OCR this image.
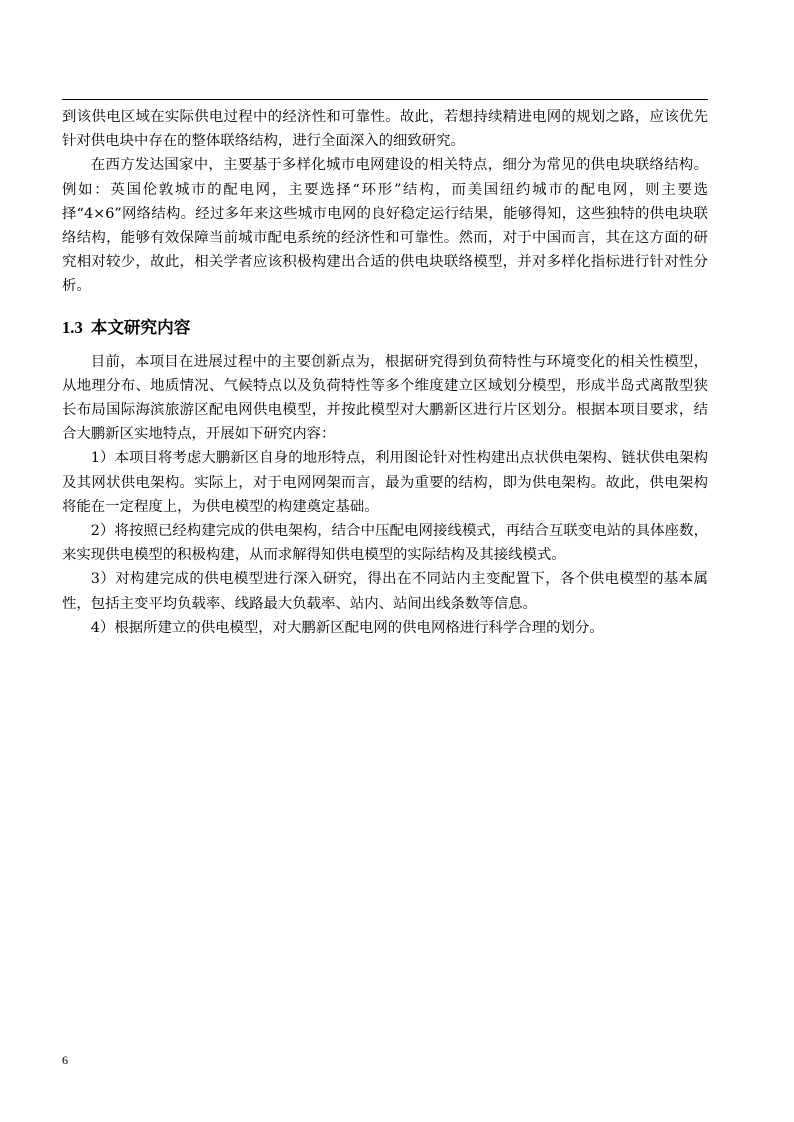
到该供电区域在实际供电过程中的经济性和可靠性。故此，若想持续精进电网的规划之路，应该优先针对供电块中存在的整体联络结构，进行全面深入的细致研究。

在西方发达国家中，主要基于多样化城市电网建设的相关特点，细分为常见的供电块联络结构。例如：英国伦敦城市的配电网，主要选择“环形”结构，而美国纽约城市的配电网，则主要选择“4×6”网络结构。经过多年来这些城市电网的良好稳定运行结果，能够得知，这些独特的供电块联络结构，能够有效保障当前城市配电系统的经济性和可靠性。然而，对于中国而言，其在这方面的研究相对较少，故此，相关学者应该积极构建出合适的供电块联络模型，并对多样化指标进行针对性分析。

1.3 本文研究内容

目前，本项目在进展过程中的主要创新点为，根据研究得到负荷特性与环境变化的相关性模型，从地理分布、地质情况、气候特点以及负荷特性等多个维度建立区域划分模型，形成半岛式离散型狭长布局国际海滨旅游区配电网供电模型，并按此模型对大鹏新区进行片区划分。根据本项目要求，结合大鹏新区实地特点，开展如下研究内容：

1）本项目将考虑大鹏新区自身的地形特点，利用图论针对性构建出点状供电架构、链状供电架构及其网状供电架构。实际上，对于电网网架而言，最为重要的结构，即为供电架构。故此，供电架构将能在一定程度上，为供电模型的构建奠定基础。

2）将按照已经构建完成的供电架构，结合中压配电网接线模式，再结合互联变电站的具体座数，来实现供电模型的积极构建，从而求解得知供电模型的实际结构及其接线模式。

3）对构建完成的供电模型进行深入研究，得出在不同站内主变配置下，各个供电模型的基本属性，包括主变平均负载率、线路最大负载率、站内、站间出线条数等信息。

4）根据所建立的供电模型，对大鹏新区配电网的供电网格进行科学合理的划分。

6
